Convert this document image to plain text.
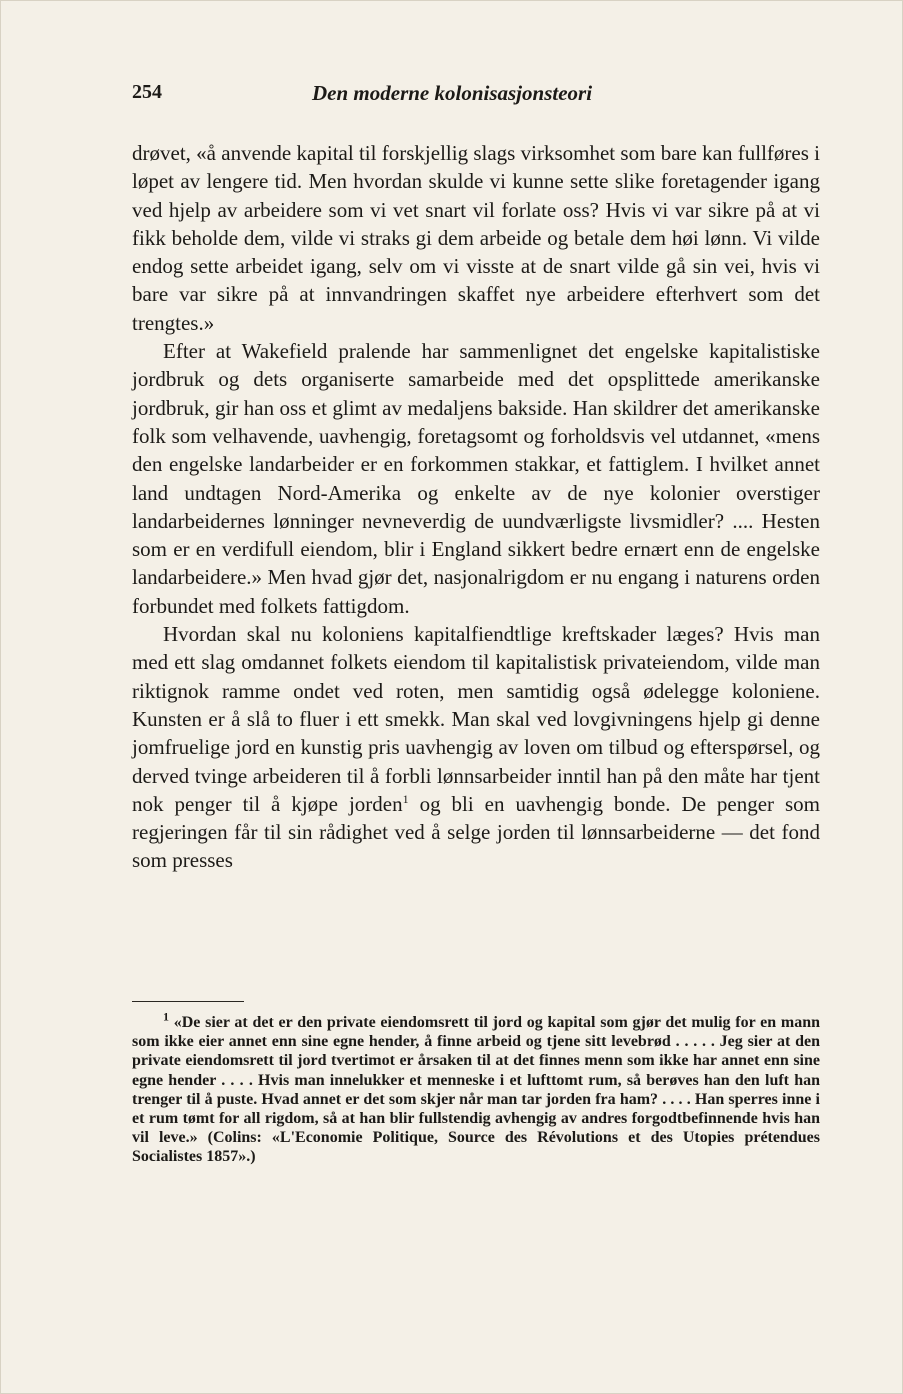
254	Den moderne kolonisasjonsteori

drøvet, «å anvende kapital til forskjellig slags virksomhet som bare kan fullføres i løpet av lengere tid. Men hvordan skulde vi kunne sette slike foretagender igang ved hjelp av arbeidere som vi vet snart vil forlate oss? Hvis vi var sikre på at vi fikk beholde dem, vilde vi straks gi dem arbeide og betale dem høi lønn. Vi vilde endog sette arbeidet igang, selv om vi visste at de snart vilde gå sin vei, hvis vi bare var sikre på at innvandringen skaffet nye arbeidere efterhvert som det trengtes.»

Efter at Wakefield pralende har sammenlignet det engelske kapitalistiske jordbruk og dets organiserte samarbeide med det opsplittede amerikanske jordbruk, gir han oss et glimt av medaljens bakside. Han skildrer det amerikanske folk som velhavende, uavhengig, foretagsomt og forholdsvis vel utdannet, «mens den engelske landarbeider er en forkommen stakkar, et fattiglem. I hvilket annet land undtagen Nord-Amerika og enkelte av de nye kolonier overstiger landarbeidernes lønninger nevneverdig de uundværligste livsmidler? .... Hesten som er en verdifull eiendom, blir i England sikkert bedre ernært enn de engelske landarbeidere.» Men hvad gjør det, nasjonalrigdom er nu engang i naturens orden forbundet med folkets fattigdom.

Hvordan skal nu koloniens kapitalfiendtlige kreftskader læges? Hvis man med ett slag omdannet folkets eiendom til kapitalistisk privateiendom, vilde man riktignok ramme ondet ved roten, men samtidig også ødelegge koloniene. Kunsten er å slå to fluer i ett smekk. Man skal ved lovgivningens hjelp gi denne jomfruelige jord en kunstig pris uavhengig av loven om tilbud og efterspørsel, og derved tvinge arbeideren til å forbli lønnsarbeider inntil han på den måte har tjent nok penger til å kjøpe jorden$^1$ og bli en uavhengig bonde. De penger som regjeringen får til sin rådighet ved å selge jorden til lønnsarbeiderne — det fond som presses

$^1$ «De sier at det er den private eiendomsrett til jord og kapital som gjør det mulig for en mann som ikke eier annet enn sine egne hender, å finne arbeid og tjene sitt levebrød . . . . . Jeg sier at den private eiendomsrett til jord tvertimot er årsaken til at det finnes menn som ikke har annet enn sine egne hender . . . . Hvis man innelukker et menneske i et lufttomt rum, så berøves han den luft han trenger til å puste. Hvad annet er det som skjer når man tar jorden fra ham? . . . . Han sperres inne i et rum tømt for all rigdom, så at han blir fullstendig avhengig av andres forgodtbefinnende hvis han vil leve.» (Colins: «L'Economie Politique, Source des Révolutions et des Utopies prétendues Socialistes 1857».)
